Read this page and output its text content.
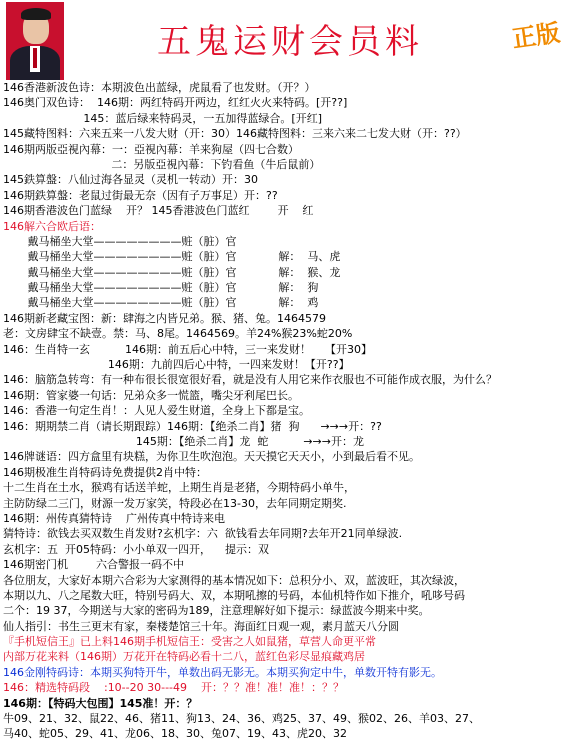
五鬼运财会员料	正版
146香港新波色诗：本期波色出蓝绿，虎鼠看了也发财。（开？）
146奥门双色诗：  146期：两红特码开两边，红红火火来特码。[开??]
145：蓝后绿来特码灵，一五加得蓝绿合。[开红]
145藏特图料：六来五来一八发大财（开：30）146藏特图料：三来六来二七发大财（开：??）
146期两版亞視內幕：一：亞視內幕：羊来狗屋（四七合数）
二：另版亞視內幕：下钓看鱼（牛后鼠前）
145鉄算盤：八仙过海各显灵（灵机一转动）开：30
146期鉄算盤：老鼠过街最无奈（因有子万事足）开：??
146期香港波色门蓝绿    开？ 145香港波色门蓝红        开    红
146解六合欧后语：
戴马桶坐大堂————————赃（脏）官
戴马桶坐大堂————————赃（脏）官            解：  马、虎
戴马桶坐大堂————————赃（脏）官            解：  猴、龙
戴马桶坐大堂————————赃（脏）官            解：  狗
戴马桶坐大堂————————赃（脏）官            解：  鸡
146期新老藏宝图：新：肆海之内皆兄弟。猴、猪、兔。1464579
老：文房肆宝不缺壹。禁：马、8尾。1464569。羊24%猴23%蛇20%
146：生肖特一玄          146期：前五后心中特，三一来发财！    【开30】
146期：九前四后心中特，一四来发财！【开??】
146：脑筋急转弯：有一种布很长很宽很好看，就是没有人用它来作衣服也不可能作成衣服，为什么？
146期：管家婆一句话：兄弟众多一慌篮，嘴尖牙利尾巴长。
146：香港一句定生肖！：人见人爱生财道，全身上下都是宝。
146：期期禁二肖（请长期跟踪）146期：【绝杀二肖】猪  狗      →→→开：??
145期：【绝杀二肖】龙  蛇          →→→开：龙
146牌谜语：四方盒里有块糕，为你卫生吹泡泡。天天摸它天天小，小到最后看不见。
146期极准生肖特码诗免费提供2肖中特：
十二生肖在土水，猴鸡有话送羊蛇，上期生肖是老猪，今期特码小单牛，
主防防绿二三门，财源一发万家笑，特段必在13-30，去年同期定期奖.
146期：州传真猜特诗    广州传真中特诗来电
猜特诗：欲钱去买双数生肖发财?玄机字：六  欲钱看去年同期?去年开21同单绿波.
玄机字：五  开05特码：小小单双一四开，    提示：双
146期密门机        六合警报一码不中
各位朋友，大家好本期六合彩为大家测得的基本情况如下：总积分小、双，蓝波旺，其次绿波，
本期以九、八之尾数大旺，特别号码大、双，本期吼擦的号码，本仙机特作如下推介，吼哆号码
二个：19 37，今期送与大家的密码为189，注意理解好如下提示：绿蓝波今期来中奖。
仙人指引：书生三更末有家，秦楼楚馆三十年。海面红日观一观，素月蓝天八分圆
『手机短信王』已上料146期手机短信王：受害之人如鼠猪，草营人命更平常
内部万花来料（146期）万花开在特码必看十二八，蓝红色彩尽显痕藏鸡居
146金刚特码诗：本期买狗特开牛，单数出码无影无。本期买狗定中牛，单数开特有影无。
146：精选特码段    :10--20 30---49    开：？？准！准！准！：？？
146期：【特码大包围】145准！开：？
牛09、21、32、鼠22、46、猪11、狗13、24、36、鸡25、37、49、猴02、26、羊03、27、
马40、蛇05、29、41、龙06、18、30、兔07、19、43、虎20、32
